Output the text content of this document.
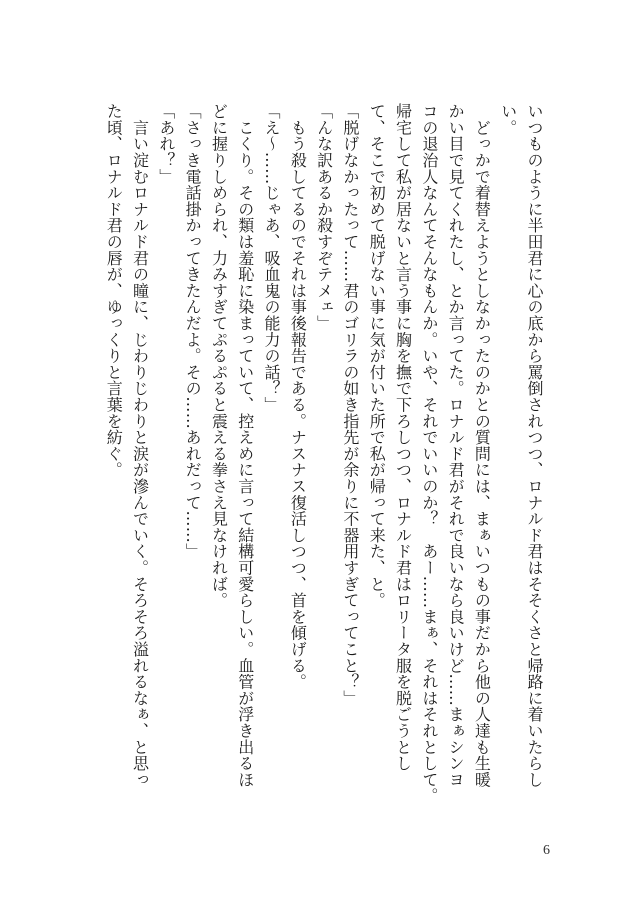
いつものように半田君に心の底から罵倒されつつ、ロナルド君はそそくさと帰路に着いたらし
い。
　どっかで着替えようとしなかったのかとの質問には、まぁいつもの事だから他の人達も生暖
かい目で見てくれたし、とか言ってた。ロナルド君がそれで良いなら良いけど……まぁシンヨ
コの退治人なんてそんなもんか。いや、それでいいのか？　あー……まぁ、それはそれとして。
帰宅して私が居ないと言う事に胸を撫で下ろしつつ、ロナルド君はロリータ服を脱ごうとし
て、そこで初めて脱げない事に気が付いた所で私が帰って来た、と。
「脱げなかったって……君のゴリラの如き指先が余りに不器用すぎてってこと？」
「んな訳あるか殺すぞテメェ」
　もう殺してるのでそれは事後報告である。ナスナス復活しつつ、首を傾げる。
「え～……じゃあ、吸血鬼の能力の話？」
　こくり。その類は羞恥に染まっていて、控えめに言って結構可愛らしい。血管が浮き出るほ
どに握りしめられ、力みすぎてぷるぷると震える拳さえ見なければ。
「さっき電話掛かってきたんだよ。その……あれだって……」
「あれ？」
　言い淀むロナルド君の瞳に、じわりじわりと涙が滲んでいく。そろそろ溢れるなぁ、と思っ
た頃、ロナルド君の唇が、ゆっくりと言葉を紡ぐ。
6
